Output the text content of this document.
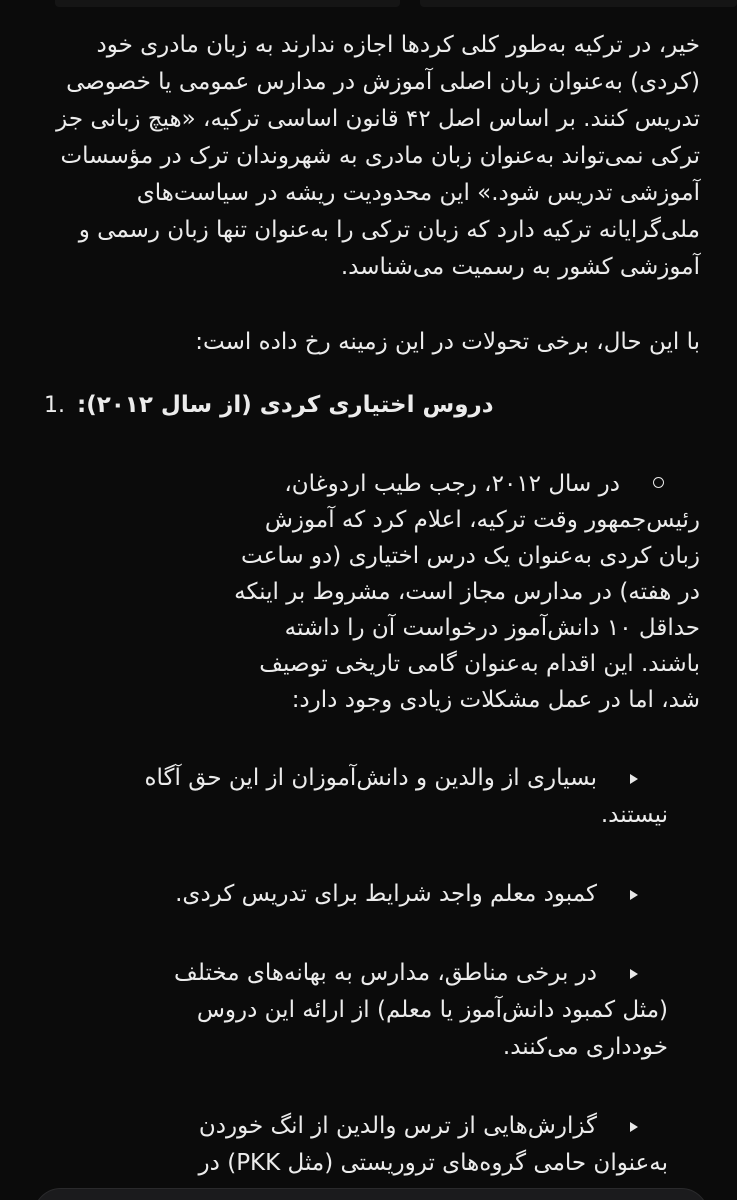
خیر، در ترکیه به‌طور کلی کردها اجازه ندارند به زبان مادری خود (کردی) به‌عنوان زبان اصلی آموزش در مدارس عمومی یا خصوصی تدریس کنند. بر اساس اصل ۴۲ قانون اساسی ترکیه، «هیچ زبانی جز ترکی نمی‌تواند به‌عنوان زبان مادری به شهروندان ترک در مؤسسات آموزشی تدریس شود.» این محدودیت ریشه در سیاست‌های ملی‌گرایانه ترکیه دارد که زبان ترکی را به‌عنوان تنها زبان رسمی و آموزشی کشور به رسمیت می‌شناسد.

با این حال، برخی تحولات در این زمینه رخ داده است:

1. دروس اختیاری کردی (از سال ۲۰۱۲):
در سال ۲۰۱۲، رجب طیب اردوغان، رئیس‌جمهور وقت ترکیه، اعلام کرد که آموزش زبان کردی به‌عنوان یک درس اختیاری (دو ساعت در هفته) در مدارس مجاز است، مشروط بر اینکه حداقل ۱۰ دانش‌آموز درخواست آن را داشته باشند. این اقدام به‌عنوان گامی تاریخی توصیف شد، اما در عمل مشکلات زیادی وجود دارد:
بسیاری از والدین و دانش‌آموزان از این حق آگاه نیستند.
کمبود معلم واجد شرایط برای تدریس کردی.
در برخی مناطق، مدارس به بهانه‌های مختلف (مثل کمبود دانش‌آموز یا معلم) از ارائه این دروس خودداری می‌کنند.
گزارش‌هایی از ترس والدین از انگ خوردن به‌عنوان حامی گروه‌های تروریستی (مثل PKK) در
